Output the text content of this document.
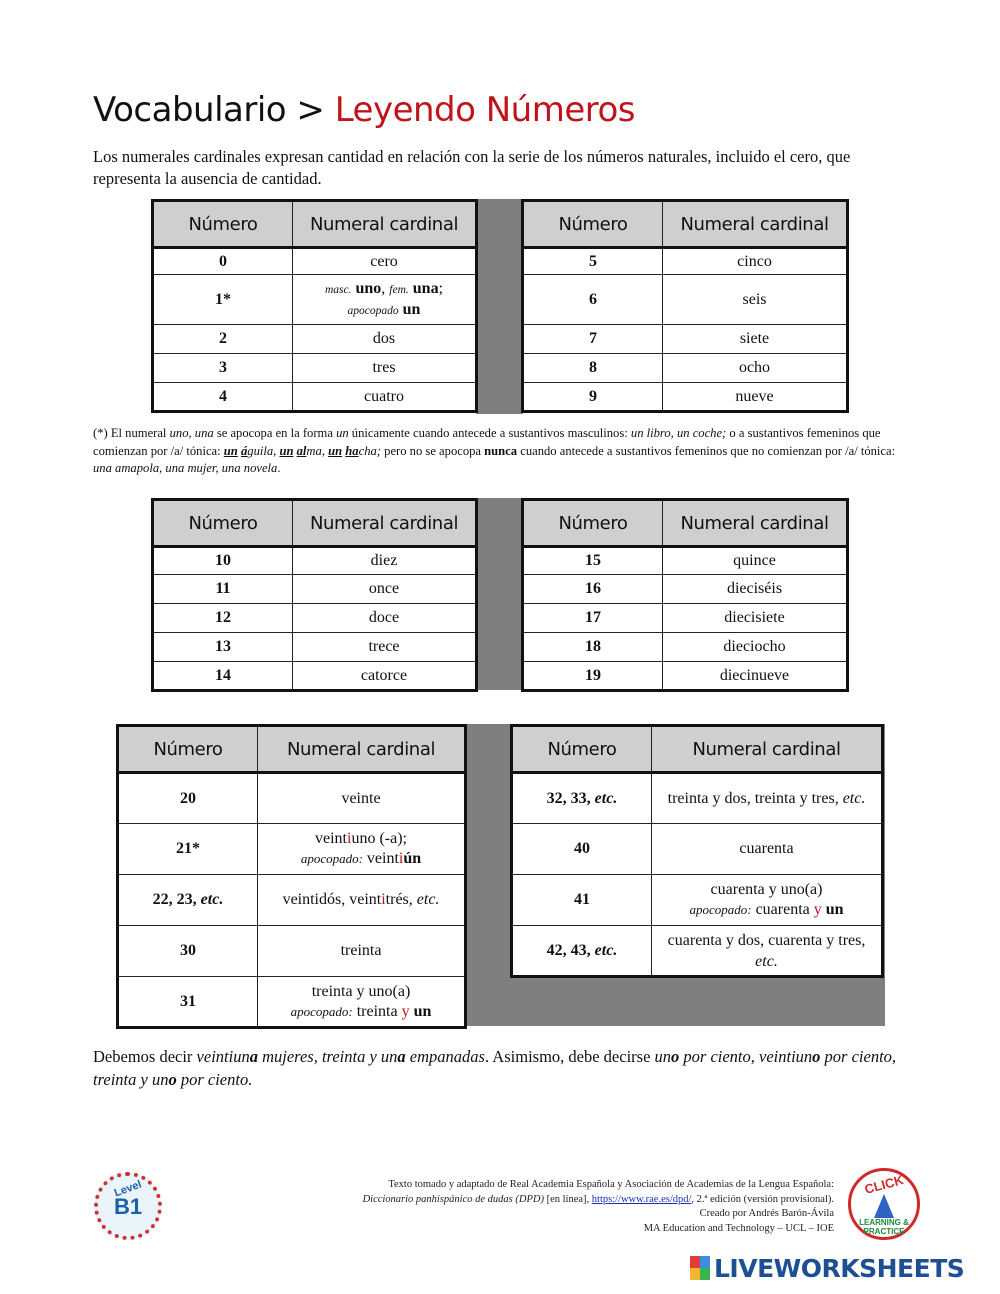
Vocabulario > Leyendo Números
Los numerales cardinales expresan cantidad en relación con la serie de los números naturales, incluido el cero, que representa la ausencia de cantidad.
Número	Numeral cardinal
0	cero
1*	masc. uno, fem. una;
apocopado un
2	dos
3	tres
4	cuatro
Número	Numeral cardinal
5	cinco
6	seis
7	siete
8	ocho
9	nueve
(*) El numeral uno, una se apocopa en la forma un únicamente cuando antecede a sustantivos masculinos: un libro, un coche; o a sustantivos femeninos que comienzan por /a/ tónica: un águila, un alma, un hacha; pero no se apocopa nunca cuando antecede a sustantivos femeninos que no comienzan por /a/ tónica: una amapola, una mujer, una novela.
Número	Numeral cardinal
10	diez
11	once
12	doce
13	trece
14	catorce
Número	Numeral cardinal
15	quince
16	dieciséis
17	diecisiete
18	dieciocho
19	diecinueve
Número	Numeral cardinal
20	veinte
21*	veintiuno (-a);
apocopado: veintiún
22, 23, etc.	veintidós, veintitrés, etc.
30	treinta
31	treinta y uno(a)
apocopado: treinta y un
Número	Numeral cardinal
32, 33, etc.	treinta y dos, treinta y tres, etc.
40	cuarenta
41	cuarenta y uno(a)
apocopado: cuarenta y un
42, 43, etc.	cuarenta y dos, cuarenta y tres, etc.
Debemos decir veintiuna mujeres, treinta y una empanadas. Asimismo, debe decirse uno por ciento, veintiuno por ciento, treinta y uno por ciento.
Level
B1
Texto tomado y adaptado de Real Academia Española y Asociación de Academias de la Lengua Española:
Diccionario panhispánico de dudas (DPD) [en línea], https://www.rae.es/dpd/, 2.ª edición (versión provisional).
Creado por Andrés Barón-Ávila
MA Education and Technology – UCL – IOE
CLICK
LEARNING & PRACTICE
LIVEWORKSHEETS
